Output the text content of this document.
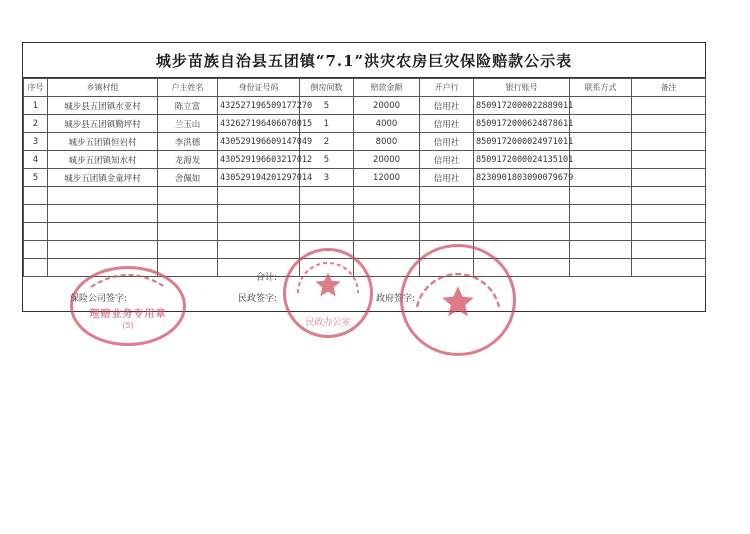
城步苗族自治县五团镇“7.1”洪灾农房巨灾保险赔款公示表
序号	乡镇村组	户主姓名	身份证号码	倒房间数	赔款金额	开户行	银行账号	联系方式	备注
1	城步县五团镇水亚村	陈立富	432527196509177270	5	20000	信用社	8509172000022889011		
2	城步县五团镇勤坪村	兰玉山	432627196406070015	1	4000	信用社	8509172000624878611		
3	城步五团镇恒岩村	李洪德	430529196609147049	2	8000	信用社	8509172000024971011		
4	城步五团镇知水村	龙海发	430529196603217012	5	20000	信用社	8509172000024135101		
5	城步五团镇金童坪村	舍佩如	430529194201297014	3	12000	信用社	8230901803090079679		

合计:
保险公司签字:	民政签字:	政府签字:
理赔业务专用章
(5)	民政办公室
